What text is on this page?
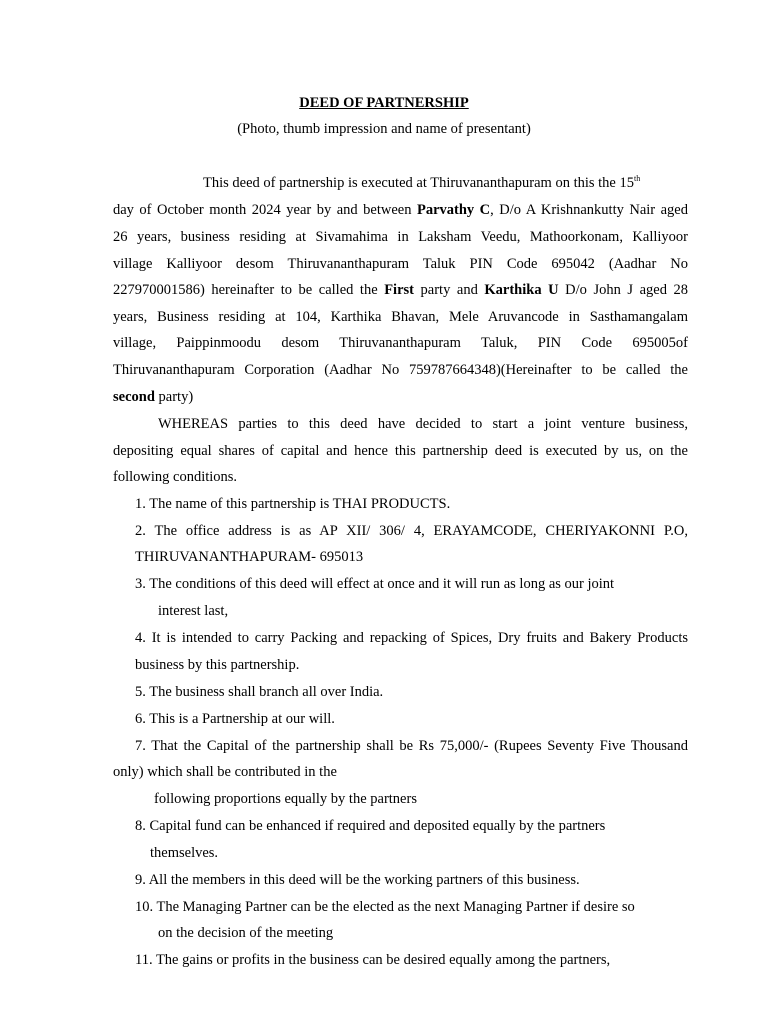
DEED OF PARTNERSHIP
(Photo, thumb impression and name of presentant)
This deed of partnership is executed at Thiruvananthapuram on this the 15th
day of October month 2024 year by and between Parvathy C, D/o A Krishnankutty Nair aged
26 years, business residing at Sivamahima in Laksham Veedu, Mathoorkonam, Kalliyoor
village Kalliyoor desom Thiruvananthapuram Taluk PIN Code 695042 (Aadhar No
227970001586) hereinafter to be called the First party and Karthika U D/o John J aged 28
years, Business residing at 104, Karthika Bhavan, Mele Aruvancode in Sasthamangalam
village, Paippinmoodu desom Thiruvananthapuram Taluk, PIN Code 695005of
Thiruvananthapuram Corporation (Aadhar No 759787664348)(Hereinafter to be called the
second party)
WHEREAS parties to this deed have decided to start a joint venture business,
depositing equal shares of capital and hence this partnership deed is executed by us, on the
following conditions.
1. The name of this partnership is THAI PRODUCTS.
2. The office address is as AP XII/ 306/ 4, ERAYAMCODE, CHERIYAKONNI P.O,
THIRUVANANTHAPURAM- 695013
3. The conditions of this deed will effect at once and it will run as long as our joint
interest last,
4. It is intended to carry Packing and repacking of Spices, Dry fruits and Bakery Products
business by this partnership.
5. The business shall branch all over India.
6. This is a Partnership at our will.
7. That the Capital of the partnership shall be Rs 75,000/- (Rupees Seventy Five Thousand
only) which shall be contributed in the
following proportions equally by the partners
8. Capital fund can be enhanced if required and deposited equally by the partners
themselves.
9. All the members in this deed will be the working partners of this business.
10. The Managing Partner can be the elected as the next Managing Partner if desire so
on the decision of the meeting
11. The gains or profits in the business can be desired equally among the partners,
